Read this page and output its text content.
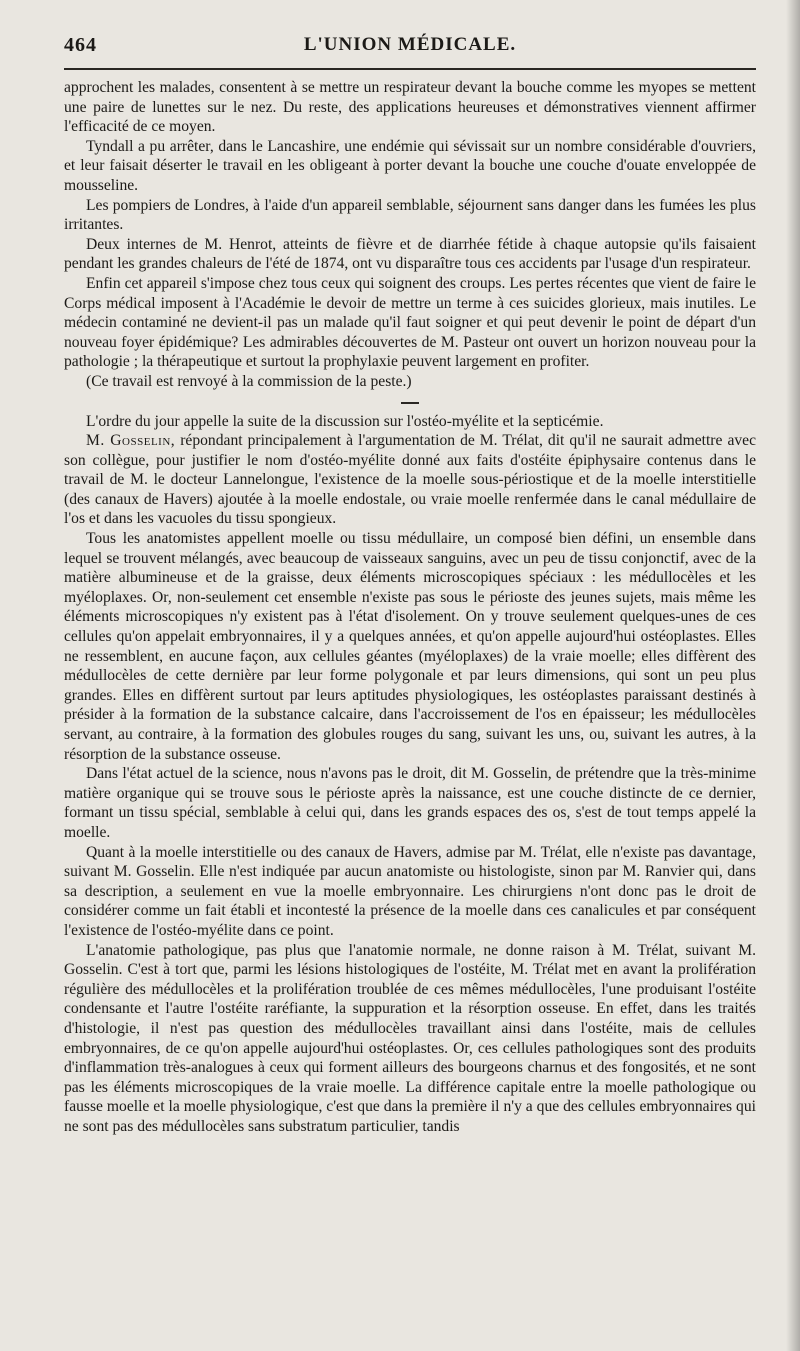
464	L'UNION MÉDICALE.

approchent les malades, consentent à se mettre un respirateur devant la bouche comme les myopes se mettent une paire de lunettes sur le nez. Du reste, des applications heureuses et démonstratives viennent affirmer l'efficacité de ce moyen.

Tyndall a pu arrêter, dans le Lancashire, une endémie qui sévissait sur un nombre considérable d'ouvriers, et leur faisait déserter le travail en les obligeant à porter devant la bouche une couche d'ouate enveloppée de mousseline.

Les pompiers de Londres, à l'aide d'un appareil semblable, séjournent sans danger dans les fumées les plus irritantes.

Deux internes de M. Henrot, atteints de fièvre et de diarrhée fétide à chaque autopsie qu'ils faisaient pendant les grandes chaleurs de l'été de 1874, ont vu disparaître tous ces accidents par l'usage d'un respirateur.

Enfin cet appareil s'impose chez tous ceux qui soignent des croups. Les pertes récentes que vient de faire le Corps médical imposent à l'Académie le devoir de mettre un terme à ces suicides glorieux, mais inutiles. Le médecin contaminé ne devient-il pas un malade qu'il faut soigner et qui peut devenir le point de départ d'un nouveau foyer épidémique? Les admirables découvertes de M. Pasteur ont ouvert un horizon nouveau pour la pathologie ; la thérapeutique et surtout la prophylaxie peuvent largement en profiter.

(Ce travail est renvoyé à la commission de la peste.)

L'ordre du jour appelle la suite de la discussion sur l'ostéo-myélite et la septicémie.

M. Gosselin, répondant principalement à l'argumentation de M. Trélat, dit qu'il ne saurait admettre avec son collègue, pour justifier le nom d'ostéo-myélite donné aux faits d'ostéite épiphysaire contenus dans le travail de M. le docteur Lannelongue, l'existence de la moelle sous-périostique et de la moelle interstitielle (des canaux de Havers) ajoutée à la moelle endostale, ou vraie moelle renfermée dans le canal médullaire de l'os et dans les vacuoles du tissu spongieux.

Tous les anatomistes appellent moelle ou tissu médullaire, un composé bien défini, un ensemble dans lequel se trouvent mélangés, avec beaucoup de vaisseaux sanguins, avec un peu de tissu conjonctif, avec de la matière albumineuse et de la graisse, deux éléments microscopiques spéciaux : les médullocèles et les myéloplaxes. Or, non-seulement cet ensemble n'existe pas sous le périoste des jeunes sujets, mais même les éléments microscopiques n'y existent pas à l'état d'isolement. On y trouve seulement quelques-unes de ces cellules qu'on appelait embryonnaires, il y a quelques années, et qu'on appelle aujourd'hui ostéoplastes. Elles ne ressemblent, en aucune façon, aux cellules géantes (myéloplaxes) de la vraie moelle; elles diffèrent des médullocèles de cette dernière par leur forme polygonale et par leurs dimensions, qui sont un peu plus grandes. Elles en diffèrent surtout par leurs aptitudes physiologiques, les ostéoplastes paraissant destinés à présider à la formation de la substance calcaire, dans l'accroissement de l'os en épaisseur; les médullocèles servant, au contraire, à la formation des globules rouges du sang, suivant les uns, ou, suivant les autres, à la résorption de la substance osseuse.

Dans l'état actuel de la science, nous n'avons pas le droit, dit M. Gosselin, de prétendre que la très-minime matière organique qui se trouve sous le périoste après la naissance, est une couche distincte de ce dernier, formant un tissu spécial, semblable à celui qui, dans les grands espaces des os, s'est de tout temps appelé la moelle.

Quant à la moelle interstitielle ou des canaux de Havers, admise par M. Trélat, elle n'existe pas davantage, suivant M. Gosselin. Elle n'est indiquée par aucun anatomiste ou histologiste, sinon par M. Ranvier qui, dans sa description, a seulement en vue la moelle embryonnaire. Les chirurgiens n'ont donc pas le droit de considérer comme un fait établi et incontesté la présence de la moelle dans ces canalicules et par conséquent l'existence de l'ostéo-myélite dans ce point.

L'anatomie pathologique, pas plus que l'anatomie normale, ne donne raison à M. Trélat, suivant M. Gosselin. C'est à tort que, parmi les lésions histologiques de l'ostéite, M. Trélat met en avant la prolifération régulière des médullocèles et la prolifération troublée de ces mêmes médullocèles, l'une produisant l'ostéite condensante et l'autre l'ostéite raréfiante, la suppuration et la résorption osseuse. En effet, dans les traités d'histologie, il n'est pas question des médullocèles travaillant ainsi dans l'ostéite, mais de cellules embryonnaires, de ce qu'on appelle aujourd'hui ostéoplastes. Or, ces cellules pathologiques sont des produits d'inflammation très-analogues à ceux qui forment ailleurs des bourgeons charnus et des fongosités, et ne sont pas les éléments microscopiques de la vraie moelle. La différence capitale entre la moelle pathologique ou fausse moelle et la moelle physiologique, c'est que dans la première il n'y a que des cellules embryonnaires qui ne sont pas des médullocèles sans substratum particulier, tandis
